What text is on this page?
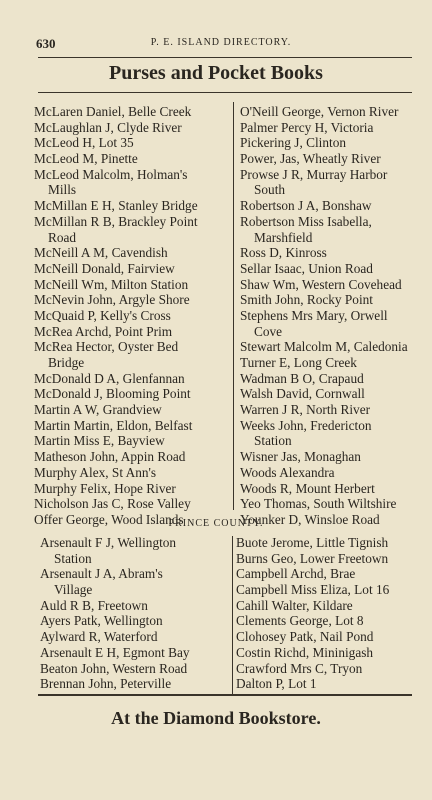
630	P. E. ISLAND DIRECTORY.
Purses and Pocket Books
McLaren Daniel, Belle Creek
McLaughlan J, Clyde River
McLeod H, Lot 35
McLeod M, Pinette
McLeod Malcolm, Holman's
Mills
McMillan E H, Stanley Bridge
McMillan R B, Brackley Point
Road
McNeill A M, Cavendish
McNeill Donald, Fairview
McNeill Wm, Milton Station
McNevin John, Argyle Shore
McQuaid P, Kelly's Cross
McRea Archd, Point Prim
McRea Hector, Oyster Bed
Bridge
McDonald D A, Glenfannan
McDonald J, Blooming Point
Martin A W, Grandview
Martin Martin, Eldon, Belfast
Martin Miss E, Bayview
Matheson John, Appin Road
Murphy Alex, St Ann's
Murphy Felix, Hope River
Nicholson Jas C, Rose Valley
Offer George, Wood Islands
O'Neill George, Vernon River
Palmer Percy H, Victoria
Pickering J, Clinton
Power, Jas, Wheatly River
Prowse J R, Murray Harbor
South
Robertson J A, Bonshaw
Robertson Miss Isabella,
Marshfield
Ross D, Kinross
Sellar Isaac, Union Road
Shaw Wm, Western Covehead
Smith John, Rocky Point
Stephens Mrs Mary, Orwell
Cove
Stewart Malcolm M, Caledonia
Turner E, Long Creek
Wadman B O, Crapaud
Walsh David, Cornwall
Warren J R, North River
Weeks John, Fredericton
Station
Wisner Jas, Monaghan
Woods Alexandra
Woods R, Mount Herbert
Yeo Thomas, South Wiltshire
Younker D, Winsloe Road
PRINCE COUNTY.
Arsenault F J, Wellington
Station
Arsenault J A, Abram's
Village
Auld R B, Freetown
Ayers Patk, Wellington
Aylward R, Waterford
Arsenault E H, Egmont Bay
Beaton John, Western Road
Brennan John, Peterville
Buote Jerome, Little Tignish
Burns Geo, Lower Freetown
Campbell Archd, Brae
Campbell Miss Eliza, Lot 16
Cahill Walter, Kildare
Clements George, Lot 8
Clohosey Patk, Nail Pond
Costin Richd, Mininigash
Crawford Mrs C, Tryon
Dalton P, Lot 1
At the Diamond Bookstore.
